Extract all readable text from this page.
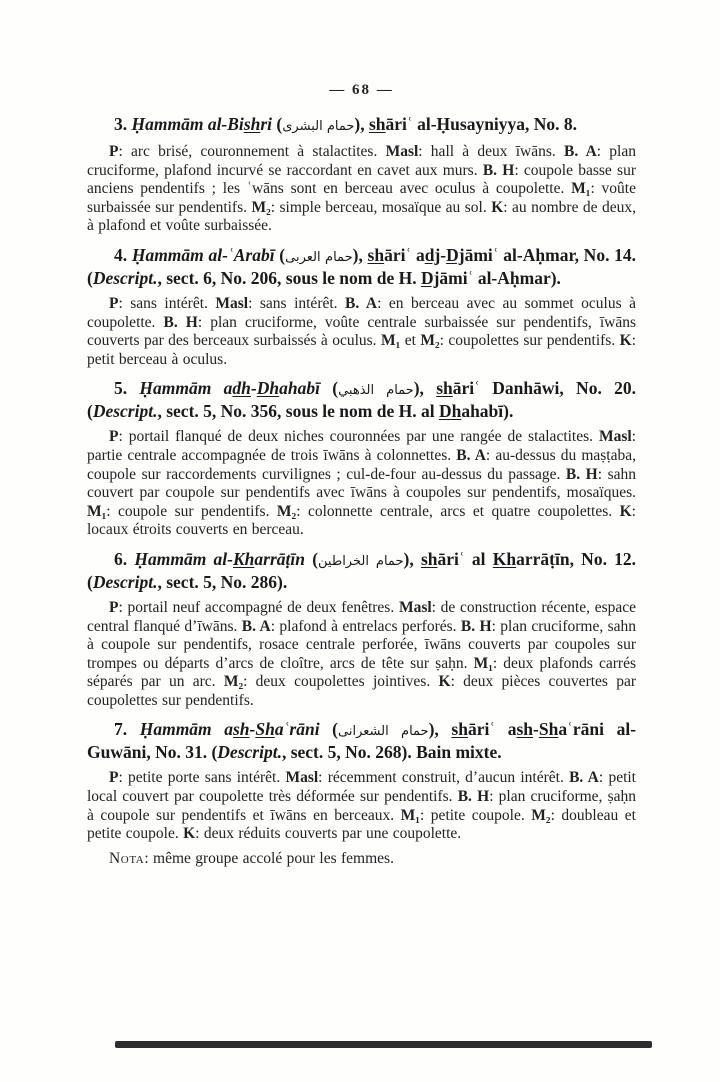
— 68 —

3. Ḥammām al-Bishri (حمام البشرى), shāriʿ al-Ḥusayniyya, No. 8.

P: arc brisé, couronnement à stalactites. Masl: hall à deux īwāns. B. A: plan cruciforme, plafond incurvé se raccordant en cavet aux murs. B. H: coupole basse sur anciens pendentifs ; les ʿwāns sont en berceau avec oculus à coupolette. M₁: voûte surbaissée sur pendentifs. M₂: simple berceau, mosaïque au sol. K: au nombre de deux, à plafond et voûte surbaissée.

4. Ḥammām al-ʿArabī (حمام العربى), shāriʿ adj-Djāmiʿ al-Aḥmar, No. 14. (Descript., sect. 6, No. 206, sous le nom de H. Djāmiʿ al-Aḥmar).

P: sans intérêt. Masl: sans intérêt. B. A: en berceau avec au sommet oculus à coupolette. B. H: plan cruciforme, voûte centrale surbaissée sur pendentifs, īwāns couverts par des berceaux surbaissés à oculus. M₁ et M₂: coupolettes sur pendentifs. K: petit berceau à oculus.

5. Ḥammām adh-Dhahabī (حمام الذهبي), shāriʿ Danhāwi, No. 20. (Descript., sect. 5, No. 356, sous le nom de H. al Dhahabī).

P: portail flanqué de deux niches couronnées par une rangée de stalactites. Masl: partie centrale accompagnée de trois īwāns à colonnettes. B. A: au-dessus du maṣṭaba, coupole sur raccordements curvilignes ; cul-de-four au-dessus du passage. B. H: sahn couvert par coupole sur pendentifs avec īwāns à coupoles sur pendentifs, mosaïques. M₁: coupole sur pendentifs. M₂: colonnette centrale, arcs et quatre coupolettes. K: locaux étroits couverts en berceau.

6. Ḥammām al-Kharrāṭīn (حمام الخراطين), shāriʿ al Kharrāṭīn, No. 12. (Descript., sect. 5, No. 286).

P: portail neuf accompagné de deux fenêtres. Masl: de construction récente, espace central flanqué d’īwāns. B. A: plafond à entrelacs perforés. B. H: plan cruciforme, sahn à coupole sur pendentifs, rosace centrale perforée, īwāns couverts par coupoles sur trompes ou départs d’arcs de cloître, arcs de tête sur ṣaḥn. M₁: deux plafonds carrés séparés par un arc. M₂: deux coupolettes jointives. K: deux pièces couvertes par coupolettes sur pendentifs.

7. Ḥammām ash-Shaʿrāni (حمام الشعرانى), shāriʿ ash-Shaʿrāni al-Guwāni, No. 31. (Descript., sect. 5, No. 268). Bain mixte.

P: petite porte sans intérêt. Masl: récemment construit, d’aucun intérêt. B. A: petit local couvert par coupolette très déformée sur pendentifs. B. H: plan cruciforme, ṣaḥn à coupole sur pendentifs et īwāns en berceaux. M₁: petite coupole. M₂: doubleau et petite coupole. K: deux réduits couverts par une coupolette.

Nota: même groupe accolé pour les femmes.
